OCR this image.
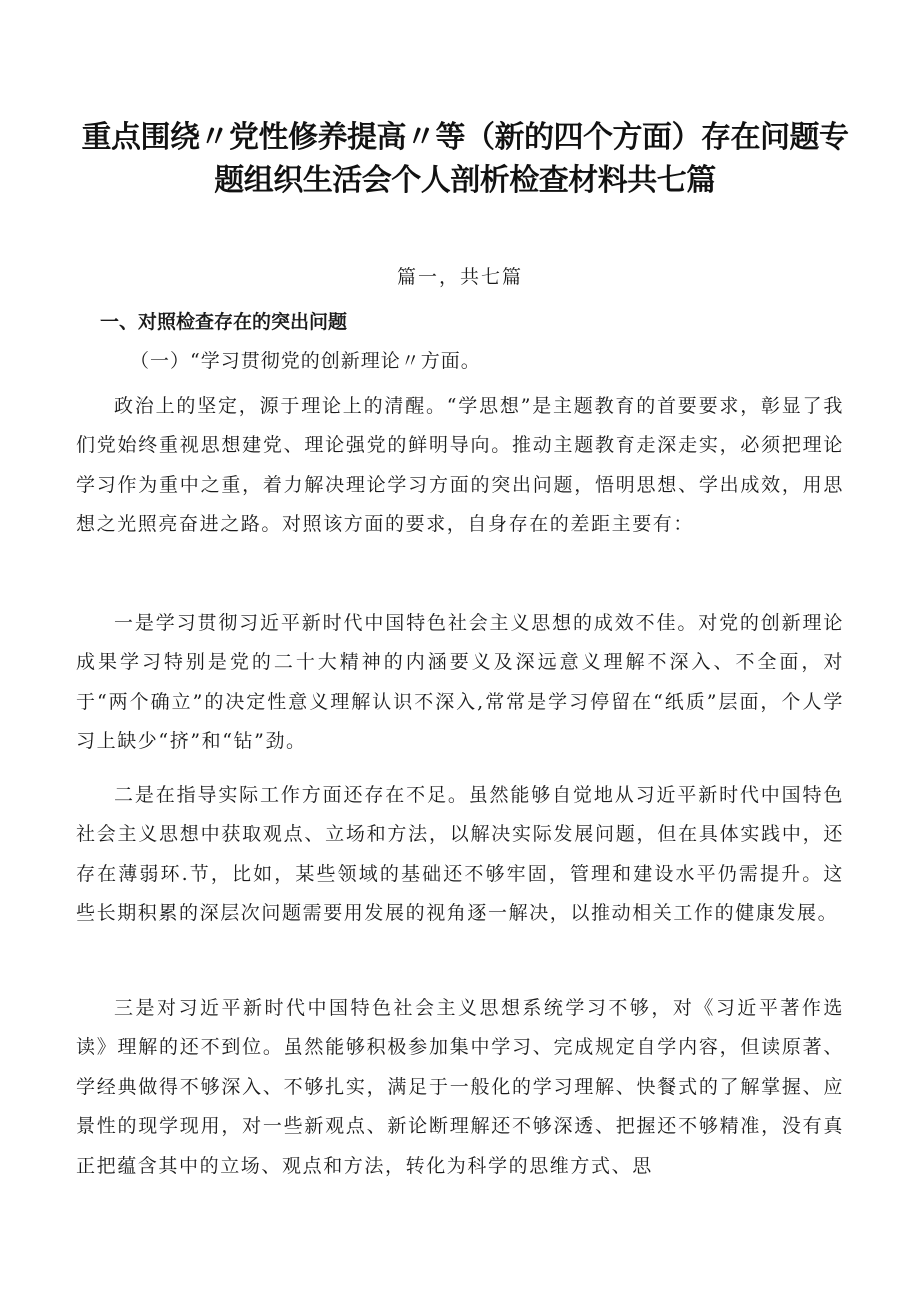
重点围绕〃党性修养提高〃等（新的四个方面）存在问题专题组织生活会个人剖析检查材料共七篇
篇一，共七篇
一、对照检查存在的突出问题
（一）“学习贯彻党的创新理论〃方面。

政治上的坚定，源于理论上的清醒。“学思想”是主题教育的首要要求，彰显了我们党始终重视思想建党、理论强党的鲜明导向。推动主题教育走深走实，必须把理论学习作为重中之重，着力解决理论学习方面的突出问题，悟明思想、学出成效，用思想之光照亮奋进之路。对照该方面的要求，自身存在的差距主要有：

一是学习贯彻习近平新时代中国特色社会主义思想的成效不佳。对党的创新理论成果学习特别是党的二十大精神的内涵要义及深远意义理解不深入、不全面，对于“两个确立”的决定性意义理解认识不深入,常常是学习停留在“纸质”层面，个人学习上缺少“挤”和“钻”劲。

二是在指导实际工作方面还存在不足。虽然能够自觉地从习近平新时代中国特色社会主义思想中获取观点、立场和方法，以解决实际发展问题，但在具体实践中，还存在薄弱环.节，比如，某些领域的基础还不够牢固，管理和建设水平仍需提升。这些长期积累的深层次问题需要用发展的视角逐一解决，以推动相关工作的健康发展。

三是对习近平新时代中国特色社会主义思想系统学习不够，对《习近平著作选读》理解的还不到位。虽然能够积极参加集中学习、完成规定自学内容，但读原著、学经典做得不够深入、不够扎实，满足于一般化的学习理解、快餐式的了解掌握、应景性的现学现用，对一些新观点、新论断理解还不够深透、把握还不够精准，没有真正把蕴含其中的立场、观点和方法，转化为科学的思维方式、思
